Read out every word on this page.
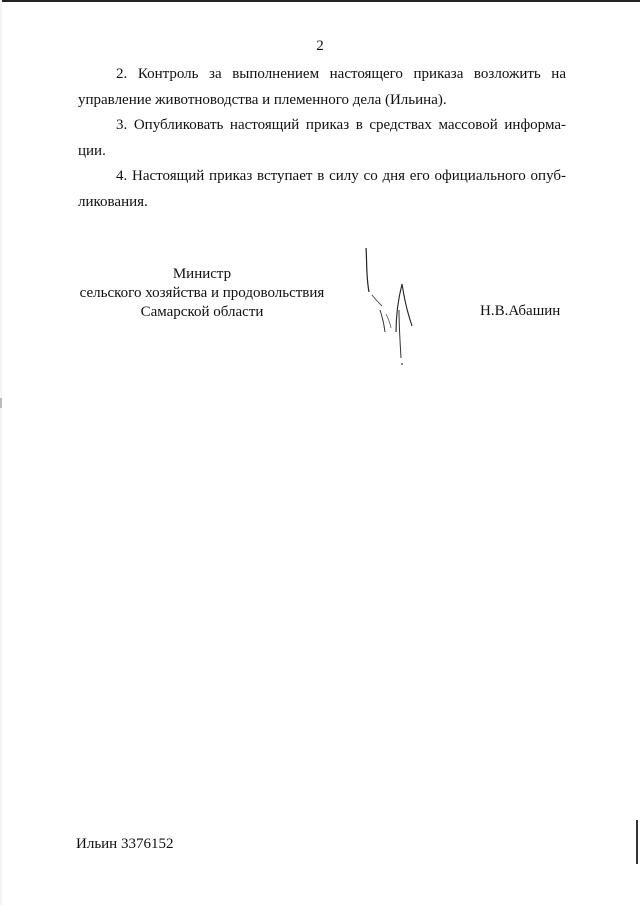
2
2. Контроль за выполнением настоящего приказа возложить на
управление животноводства и племенного дела (Ильина).
3. Опубликовать настоящий приказ в средствах массовой информа-
ции.
4. Настоящий приказ вступает в силу со дня его официального опуб-
ликования.
Министр
сельского хозяйства и продовольствия
Самарской области	Н.В.Абашин
Ильин 3376152
